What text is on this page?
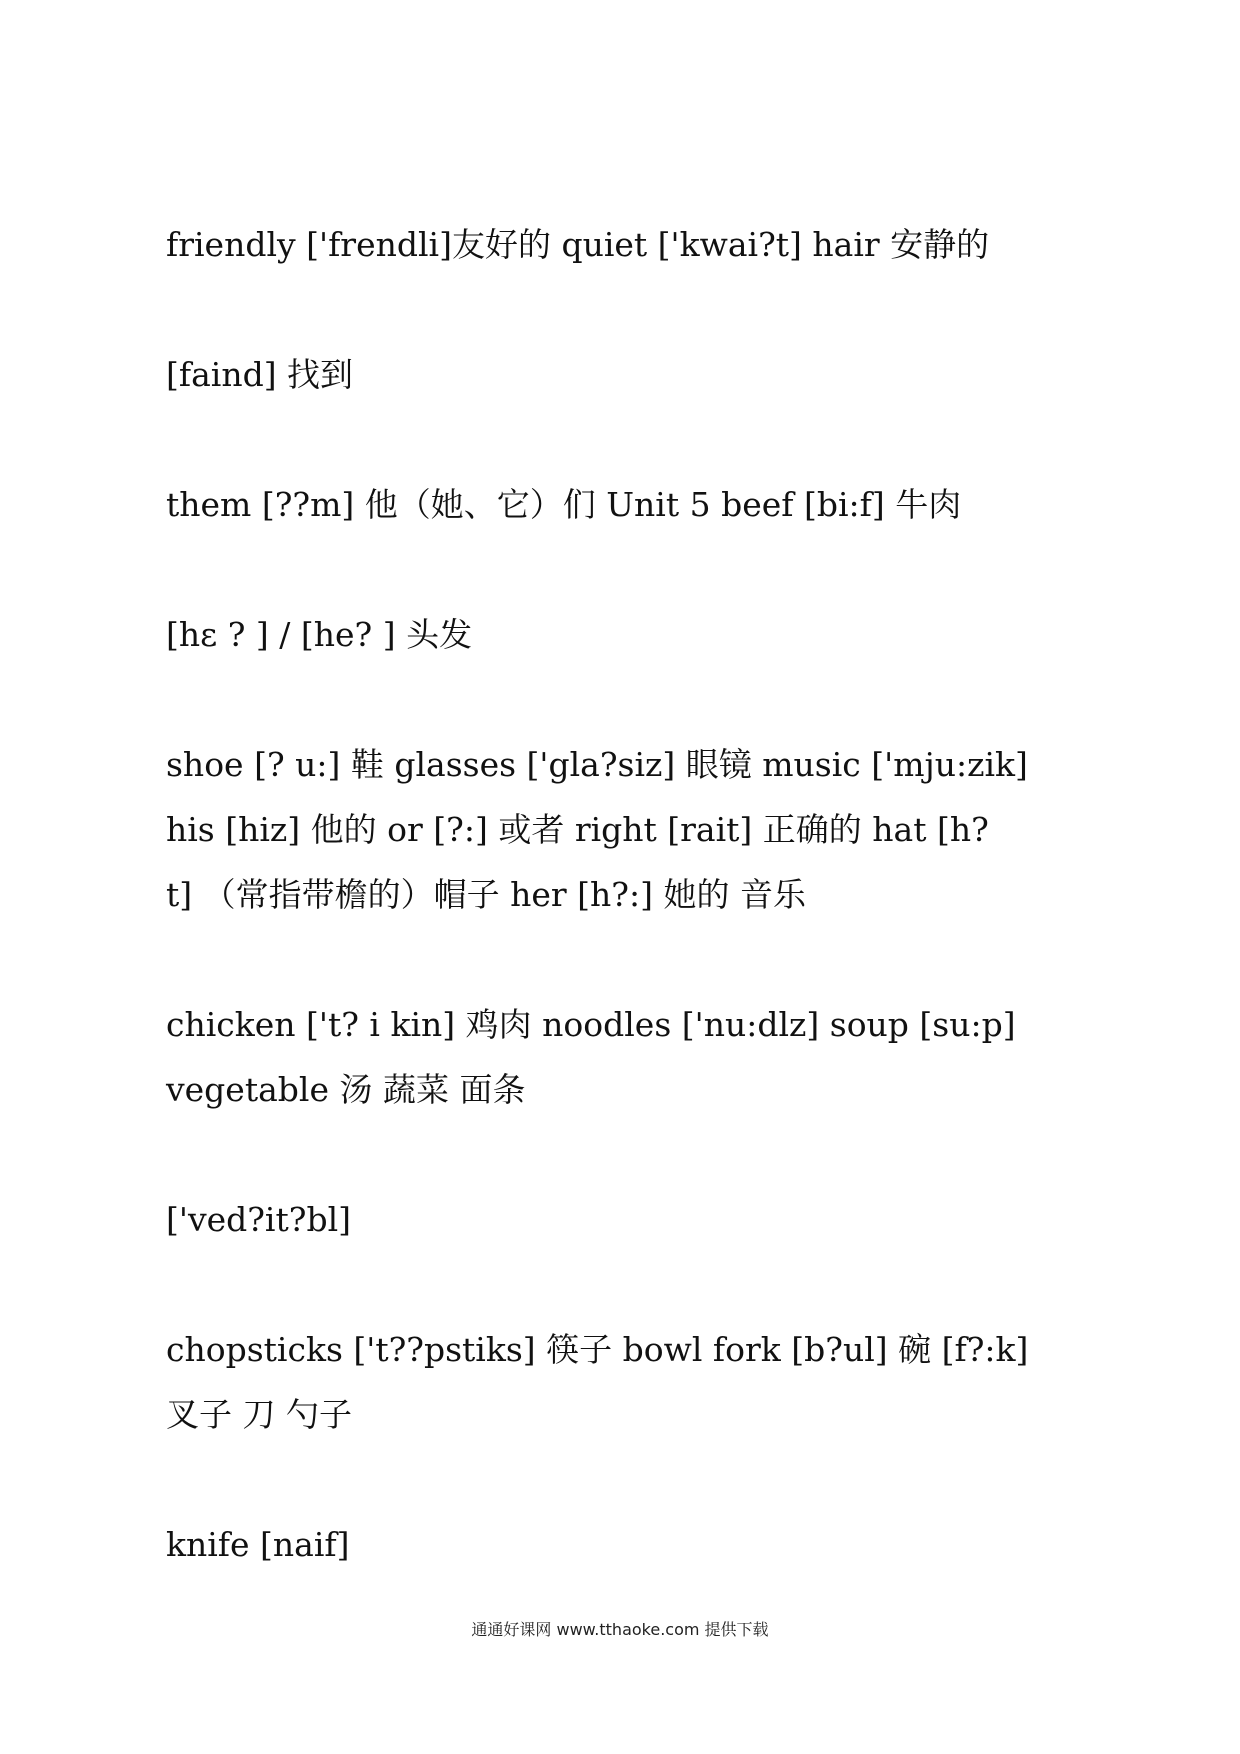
friendly ['frendli]友好的 quiet ['kwai?t] hair 安静的
[faind] 找到
them [??m] 他（她、它）们 Unit 5 beef [bi:f] 牛肉
[hε ? ] / [he? ] 头发
shoe [? u:] 鞋 glasses ['gla?siz] 眼镜 music ['mju:zik]
his [hiz] 他的 or [?:] 或者 right [rait] 正确的 hat [h?
t] （常指带檐的）帽子 her [h?:] 她的 音乐
chicken ['t? i kin] 鸡肉 noodles ['nu:dlz] soup [su:p]
vegetable 汤 蔬菜 面条
['ved?it?bl]
chopsticks ['t??pstiks] 筷子 bowl fork [b?ul] 碗 [f?:k]
叉子 刀 勺子
knife [naif]
通通好课网 www.tthaoke.com 提供下载
